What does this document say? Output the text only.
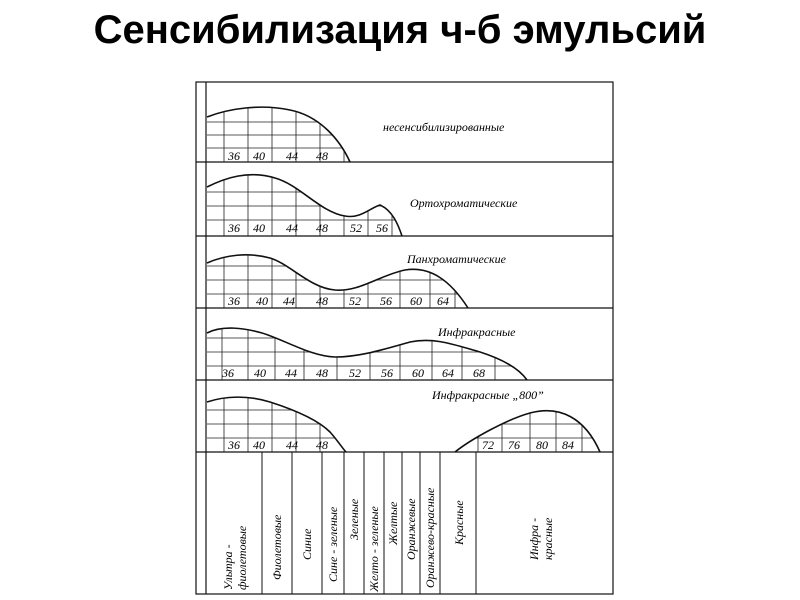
Сенсибилизация ч-б эмульсий
несенсибилизированные
36 40 44 48
Ортохроматические
36 40 44 48 52 56
Панхроматические
36 40 44 48 52 56 60 64
Инфракрасные
36 40 44 48 52 56 60 64 68
Инфракрасные „800”
36 40 44 48	72 76 80 84
Ультра - фиолетовые Фиолетовые Синие Сине - зеленые Зеленые Желто - зеленые Желтые Оранжевые Оранжево-красные Красные	Инфра - красные
